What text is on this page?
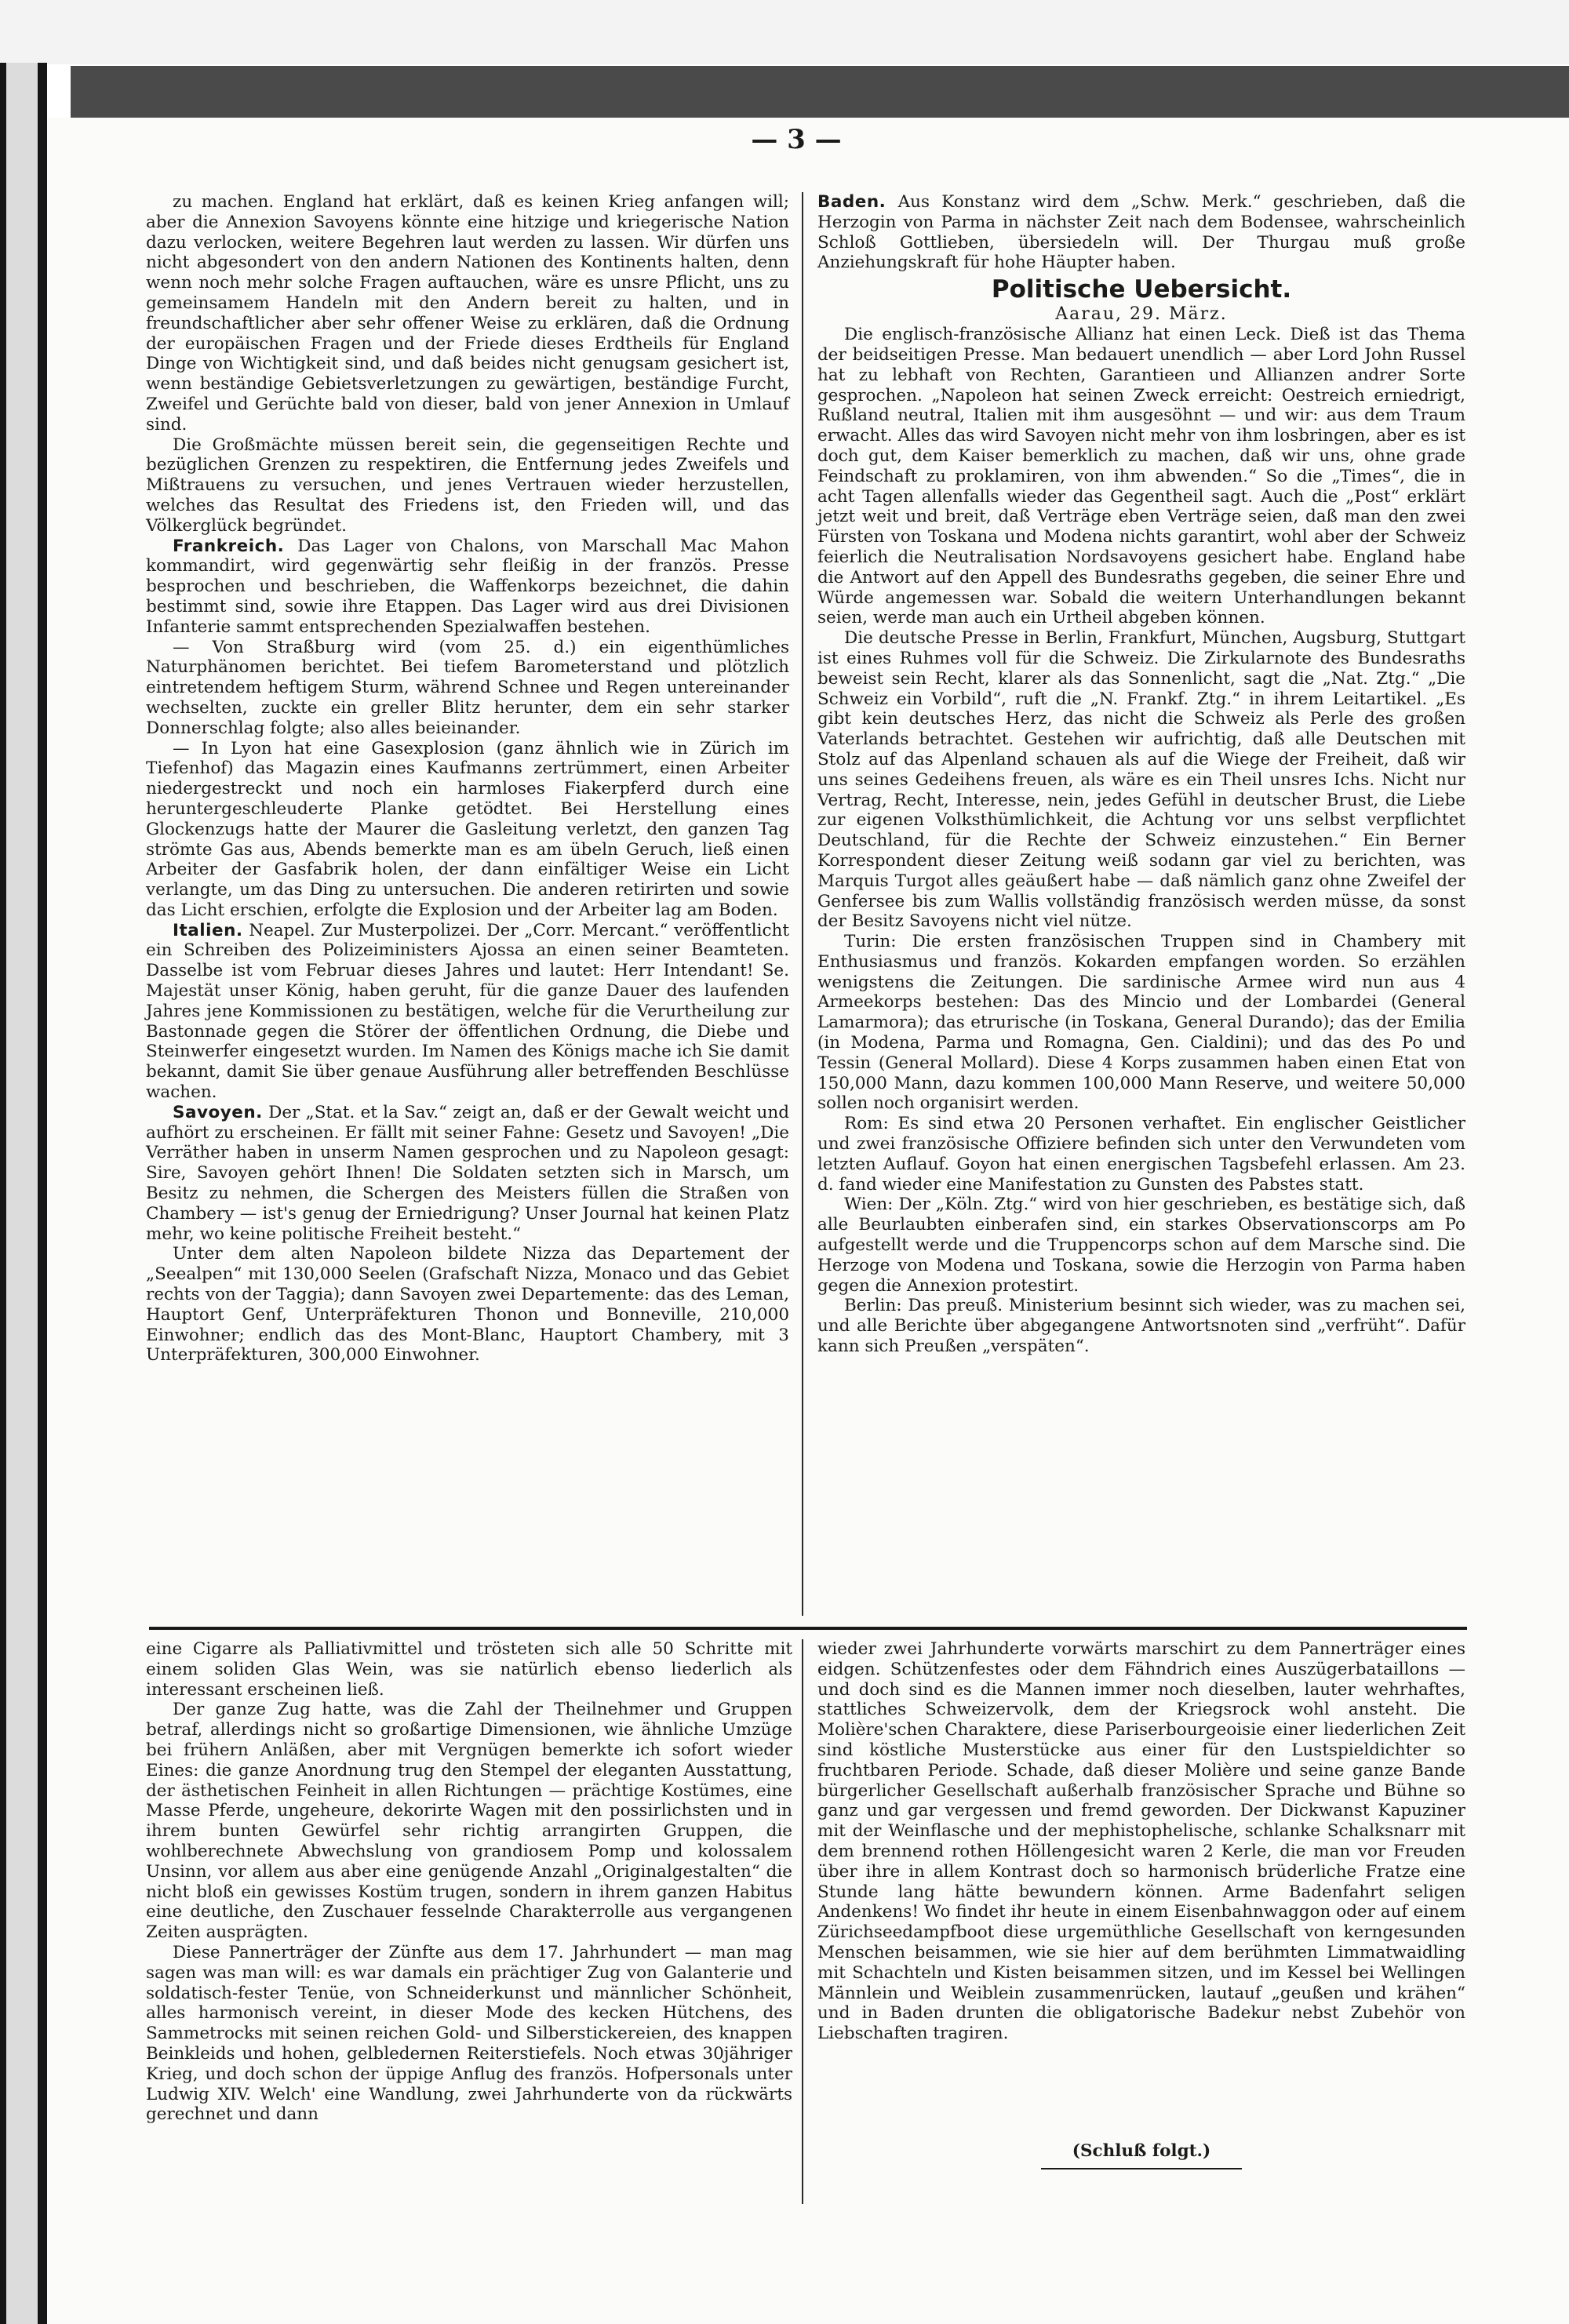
— 3 —

zu machen. England hat erklärt, daß es keinen Krieg anfangen will; aber die Annexion Savoyens könnte eine hitzige und kriegerische Nation dazu verlocken, weitere Begehren laut werden zu lassen. Wir dürfen uns nicht abgesondert von den andern Nationen des Kontinents halten, denn wenn noch mehr solche Fragen auftauchen, wäre es unsre Pflicht, uns zu gemeinsamem Handeln mit den Andern bereit zu halten, und in freundschaftlicher aber sehr offener Weise zu erklären, daß die Ordnung der europäischen Fragen und der Friede dieses Erdtheils für England Dinge von Wichtigkeit sind, und daß beides nicht genugsam gesichert ist, wenn beständige Gebietsverletzungen zu gewärtigen, beständige Furcht, Zweifel und Gerüchte bald von dieser, bald von jener Annexion in Umlauf sind.

Die Großmächte müssen bereit sein, die gegenseitigen Rechte und bezüglichen Grenzen zu respektiren, die Entfernung jedes Zweifels und Mißtrauens zu versuchen, und jenes Vertrauen wieder herzustellen, welches das Resultat des Friedens ist, den Frieden will, und das Völkerglück begründet.

Frankreich. Das Lager von Chalons, von Marschall Mac Mahon kommandirt, wird gegenwärtig sehr fleißig in der französ. Presse besprochen und beschrieben, die Waffenkorps bezeichnet, die dahin bestimmt sind, sowie ihre Etappen. Das Lager wird aus drei Divisionen Infanterie sammt entsprechenden Spezialwaffen bestehen.

— Von Straßburg wird (vom 25. d.) ein eigenthümliches Naturphänomen berichtet. Bei tiefem Barometerstand und plötzlich eintretendem heftigem Sturm, während Schnee und Regen untereinander wechselten, zuckte ein greller Blitz herunter, dem ein sehr starker Donnerschlag folgte; also alles beieinander.

— In Lyon hat eine Gasexplosion (ganz ähnlich wie in Zürich im Tiefenhof) das Magazin eines Kaufmanns zertrümmert, einen Arbeiter niedergestreckt und noch ein harmloses Fiakerpferd durch eine heruntergeschleuderte Planke getödtet. Bei Herstellung eines Glockenzugs hatte der Maurer die Gasleitung verletzt, den ganzen Tag strömte Gas aus, Abends bemerkte man es am übeln Geruch, ließ einen Arbeiter der Gasfabrik holen, der dann einfältiger Weise ein Licht verlangte, um das Ding zu untersuchen. Die anderen retirirten und sowie das Licht erschien, erfolgte die Explosion und der Arbeiter lag am Boden.

Italien. Neapel. Zur Musterpolizei. Der „Corr. Mercant.“ veröffentlicht ein Schreiben des Polizeiministers Ajossa an einen seiner Beamteten. Dasselbe ist vom Februar dieses Jahres und lautet: Herr Intendant! Se. Majestät unser König, haben geruht, für die ganze Dauer des laufenden Jahres jene Kommissionen zu bestätigen, welche für die Verurtheilung zur Bastonnade gegen die Störer der öffentlichen Ordnung, die Diebe und Steinwerfer eingesetzt wurden. Im Namen des Königs mache ich Sie damit bekannt, damit Sie über genaue Ausführung aller betreffenden Beschlüsse wachen.

Savoyen. Der „Stat. et la Sav.“ zeigt an, daß er der Gewalt weicht und aufhört zu erscheinen. Er fällt mit seiner Fahne: Gesetz und Savoyen! „Die Verräther haben in unserm Namen gesprochen und zu Napoleon gesagt: Sire, Savoyen gehört Ihnen! Die Soldaten setzten sich in Marsch, um Besitz zu nehmen, die Schergen des Meisters füllen die Straßen von Chambery — ist's genug der Erniedrigung? Unser Journal hat keinen Platz mehr, wo keine politische Freiheit besteht.“

Unter dem alten Napoleon bildete Nizza das Departement der „Seealpen“ mit 130,000 Seelen (Grafschaft Nizza, Monaco und das Gebiet rechts von der Taggia); dann Savoyen zwei Departemente: das des Leman, Hauptort Genf, Unterpräfekturen Thonon und Bonneville, 210,000 Einwohner; endlich das des Mont-Blanc, Hauptort Chambery, mit 3 Unterpräfekturen, 300,000 Einwohner.

Baden. Aus Konstanz wird dem „Schw. Merk.“ geschrieben, daß die Herzogin von Parma in nächster Zeit nach dem Bodensee, wahrscheinlich Schloß Gottlieben, übersiedeln will. Der Thurgau muß große Anziehungskraft für hohe Häupter haben.

Politische Uebersicht.
Aarau, 29. März.

Die englisch-französische Allianz hat einen Leck. Dieß ist das Thema der beidseitigen Presse. Man bedauert unendlich — aber Lord John Russel hat zu lebhaft von Rechten, Garantieen und Allianzen andrer Sorte gesprochen. „Napoleon hat seinen Zweck erreicht: Oestreich erniedrigt, Rußland neutral, Italien mit ihm ausgesöhnt — und wir: aus dem Traum erwacht. Alles das wird Savoyen nicht mehr von ihm losbringen, aber es ist doch gut, dem Kaiser bemerklich zu machen, daß wir uns, ohne grade Feindschaft zu proklamiren, von ihm abwenden.“ So die „Times“, die in acht Tagen allenfalls wieder das Gegentheil sagt. Auch die „Post“ erklärt jetzt weit und breit, daß Verträge eben Verträge seien, daß man den zwei Fürsten von Toskana und Modena nichts garantirt, wohl aber der Schweiz feierlich die Neutralisation Nordsavoyens gesichert habe. England habe die Antwort auf den Appell des Bundesraths gegeben, die seiner Ehre und Würde angemessen war. Sobald die weitern Unterhandlungen bekannt seien, werde man auch ein Urtheil abgeben können.

Die deutsche Presse in Berlin, Frankfurt, München, Augsburg, Stuttgart ist eines Ruhmes voll für die Schweiz. Die Zirkularnote des Bundesraths beweist sein Recht, klarer als das Sonnenlicht, sagt die „Nat. Ztg.“ „Die Schweiz ein Vorbild“, ruft die „N. Frankf. Ztg.“ in ihrem Leitartikel. „Es gibt kein deutsches Herz, das nicht die Schweiz als Perle des großen Vaterlands betrachtet. Gestehen wir aufrichtig, daß alle Deutschen mit Stolz auf das Alpenland schauen als auf die Wiege der Freiheit, daß wir uns seines Gedeihens freuen, als wäre es ein Theil unsres Ichs. Nicht nur Vertrag, Recht, Interesse, nein, jedes Gefühl in deutscher Brust, die Liebe zur eigenen Volksthümlichkeit, die Achtung vor uns selbst verpflichtet Deutschland, für die Rechte der Schweiz einzustehen.“ Ein Berner Korrespondent dieser Zeitung weiß sodann gar viel zu berichten, was Marquis Turgot alles geäußert habe — daß nämlich ganz ohne Zweifel der Genfersee bis zum Wallis vollständig französisch werden müsse, da sonst der Besitz Savoyens nicht viel nütze.

Turin: Die ersten französischen Truppen sind in Chambery mit Enthusiasmus und französ. Kokarden empfangen worden. So erzählen wenigstens die Zeitungen. Die sardinische Armee wird nun aus 4 Armeekorps bestehen: Das des Mincio und der Lombardei (General Lamarmora); das etrurische (in Toskana, General Durando); das der Emilia (in Modena, Parma und Romagna, Gen. Cialdini); und das des Po und Tessin (General Mollard). Diese 4 Korps zusammen haben einen Etat von 150,000 Mann, dazu kommen 100,000 Mann Reserve, und weitere 50,000 sollen noch organisirt werden.

Rom: Es sind etwa 20 Personen verhaftet. Ein englischer Geistlicher und zwei französische Offiziere befinden sich unter den Verwundeten vom letzten Auflauf. Goyon hat einen energischen Tagsbefehl erlassen. Am 23. d. fand wieder eine Manifestation zu Gunsten des Pabstes statt.

Wien: Der „Köln. Ztg.“ wird von hier geschrieben, es bestätige sich, daß alle Beurlaubten einberafen sind, ein starkes Observationscorps am Po aufgestellt werde und die Truppencorps schon auf dem Marsche sind. Die Herzoge von Modena und Toskana, sowie die Herzogin von Parma haben gegen die Annexion protestirt.

Berlin: Das preuß. Ministerium besinnt sich wieder, was zu machen sei, und alle Berichte über abgegangene Antwortsnoten sind „verfrüht“. Dafür kann sich Preußen „verspäten“.

eine Cigarre als Palliativmittel und trösteten sich alle 50 Schritte mit einem soliden Glas Wein, was sie natürlich ebenso liederlich als interessant erscheinen ließ.

Der ganze Zug hatte, was die Zahl der Theilnehmer und Gruppen betraf, allerdings nicht so großartige Dimensionen, wie ähnliche Umzüge bei frühern Anläßen, aber mit Vergnügen bemerkte ich sofort wieder Eines: die ganze Anordnung trug den Stempel der eleganten Ausstattung, der ästhetischen Feinheit in allen Richtungen — prächtige Kostümes, eine Masse Pferde, ungeheure, dekorirte Wagen mit den possirlichsten und in ihrem bunten Gewürfel sehr richtig arrangirten Gruppen, die wohlberechnete Abwechslung von grandiosem Pomp und kolossalem Unsinn, vor allem aus aber eine genügende Anzahl „Originalgestalten“ die nicht bloß ein gewisses Kostüm trugen, sondern in ihrem ganzen Habitus eine deutliche, den Zuschauer fesselnde Charakterrolle aus vergangenen Zeiten ausprägten.

Diese Pannerträger der Zünfte aus dem 17. Jahrhundert — man mag sagen was man will: es war damals ein prächtiger Zug von Galanterie und soldatisch-fester Tenüe, von Schneiderkunst und männlicher Schönheit, alles harmonisch vereint, in dieser Mode des kecken Hütchens, des Sammetrocks mit seinen reichen Gold- und Silberstickereien, des knappen Beinkleids und hohen, gelbledernen Reiterstiefels. Noch etwas 30jähriger Krieg, und doch schon der üppige Anflug des französ. Hofpersonals unter Ludwig XIV. Welch' eine Wandlung, zwei Jahrhunderte von da rückwärts gerechnet und dann

wieder zwei Jahrhunderte vorwärts marschirt zu dem Pannerträger eines eidgen. Schützenfestes oder dem Fähndrich eines Auszügerbataillons — und doch sind es die Mannen immer noch dieselben, lauter wehrhaftes, stattliches Schweizervolk, dem der Kriegsrock wohl ansteht. Die Molière'schen Charaktere, diese Pariserbourgeoisie einer liederlichen Zeit sind köstliche Musterstücke aus einer für den Lustspieldichter so fruchtbaren Periode. Schade, daß dieser Molière und seine ganze Bande bürgerlicher Gesellschaft außerhalb französischer Sprache und Bühne so ganz und gar vergessen und fremd geworden. Der Dickwanst Kapuziner mit der Weinflasche und der mephistophelische, schlanke Schalksnarr mit dem brennend rothen Höllengesicht waren 2 Kerle, die man vor Freuden über ihre in allem Kontrast doch so harmonisch brüderliche Fratze eine Stunde lang hätte bewundern können. Arme Badenfahrt seligen Andenkens! Wo findet ihr heute in einem Eisenbahnwaggon oder auf einem Zürichseedampfboot diese urgemüthliche Gesellschaft von kerngesunden Menschen beisammen, wie sie hier auf dem berühmten Limmatwaidling mit Schachteln und Kisten beisammen sitzen, und im Kessel bei Wellingen Männlein und Weiblein zusammenrücken, lautauf „geußen und krähen“ und in Baden drunten die obligatorische Badekur nebst Zubehör von Liebschaften tragiren.

(Schluß folgt.)
